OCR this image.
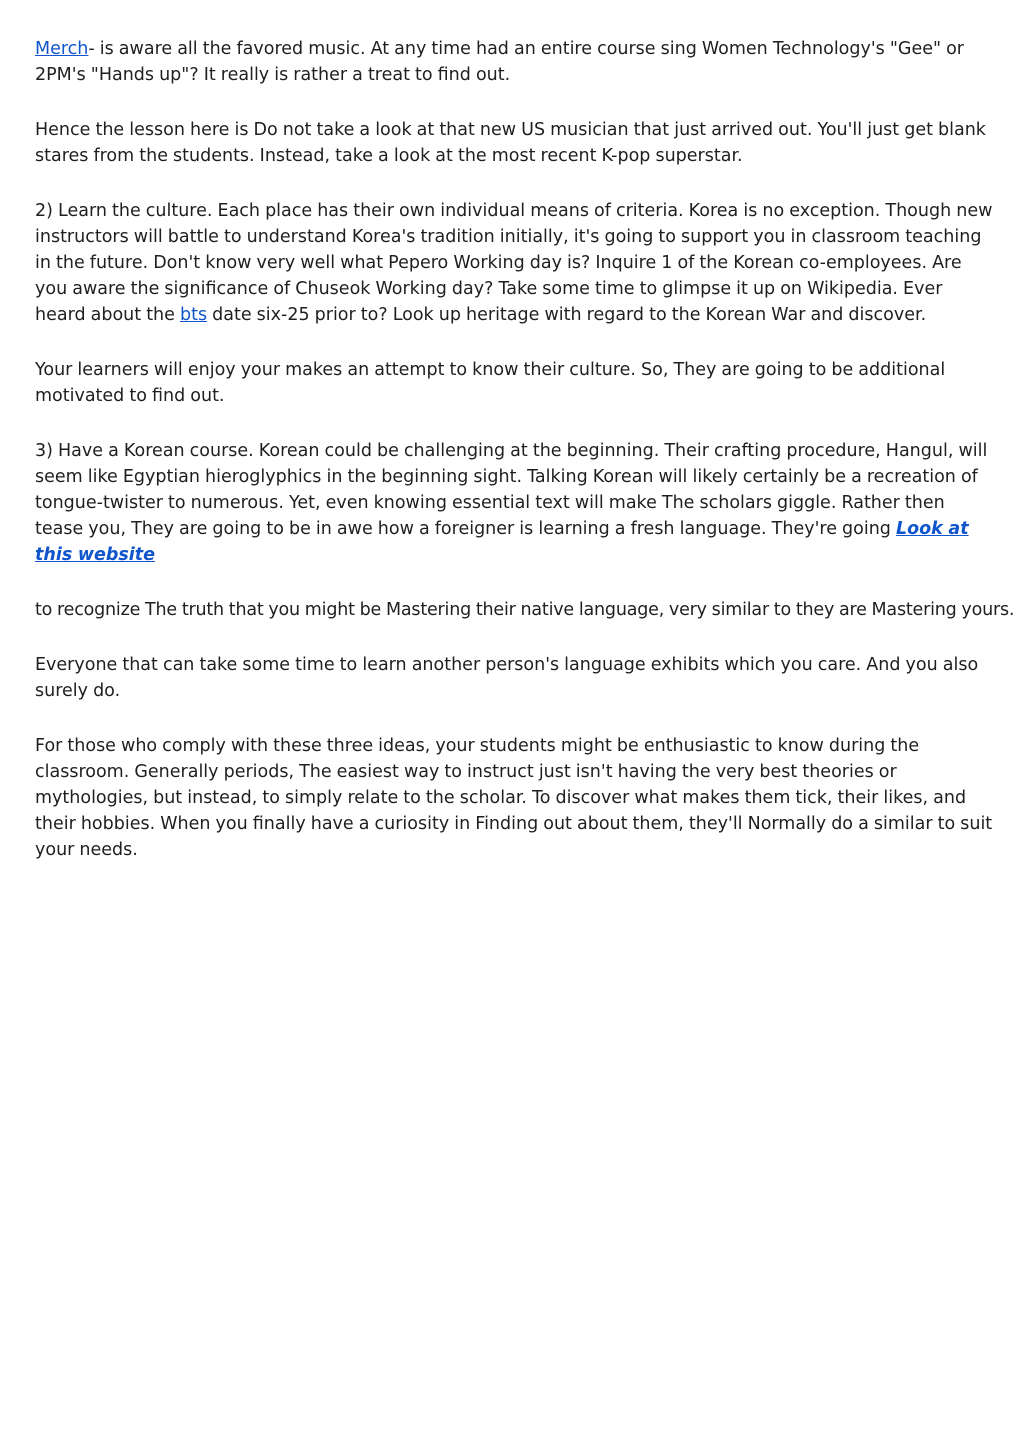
Merch- is aware all the favored music. At any time had an entire course sing Women Technology's "Gee" or 2PM's "Hands up"? It really is rather a treat to find out.

Hence the lesson here is Do not take a look at that new US musician that just arrived out. You'll just get blank stares from the students. Instead, take a look at the most recent K-pop superstar.

2) Learn the culture. Each place has their own individual means of criteria. Korea is no exception. Though new instructors will battle to understand Korea's tradition initially, it's going to support you in classroom teaching in the future. Don't know very well what Pepero Working day is? Inquire 1 of the Korean co-employees. Are you aware the significance of Chuseok Working day? Take some time to glimpse it up on Wikipedia. Ever heard about the bts date six-25 prior to? Look up heritage with regard to the Korean War and discover.

Your learners will enjoy your makes an attempt to know their culture. So, They are going to be additional motivated to find out.

3) Have a Korean course. Korean could be challenging at the beginning. Their crafting procedure, Hangul, will seem like Egyptian hieroglyphics in the beginning sight. Talking Korean will likely certainly be a recreation of tongue-twister to numerous. Yet, even knowing essential text will make The scholars giggle. Rather then tease you, They are going to be in awe how a foreigner is learning a fresh language. They're going Look at this website

to recognize The truth that you might be Mastering their native language, very similar to they are Mastering yours.

Everyone that can take some time to learn another person's language exhibits which you care. And you also surely do.

For those who comply with these three ideas, your students might be enthusiastic to know during the classroom. Generally periods, The easiest way to instruct just isn't having the very best theories or mythologies, but instead, to simply relate to the scholar. To discover what makes them tick, their likes, and their hobbies. When you finally have a curiosity in Finding out about them, they'll Normally do a similar to suit your needs.
